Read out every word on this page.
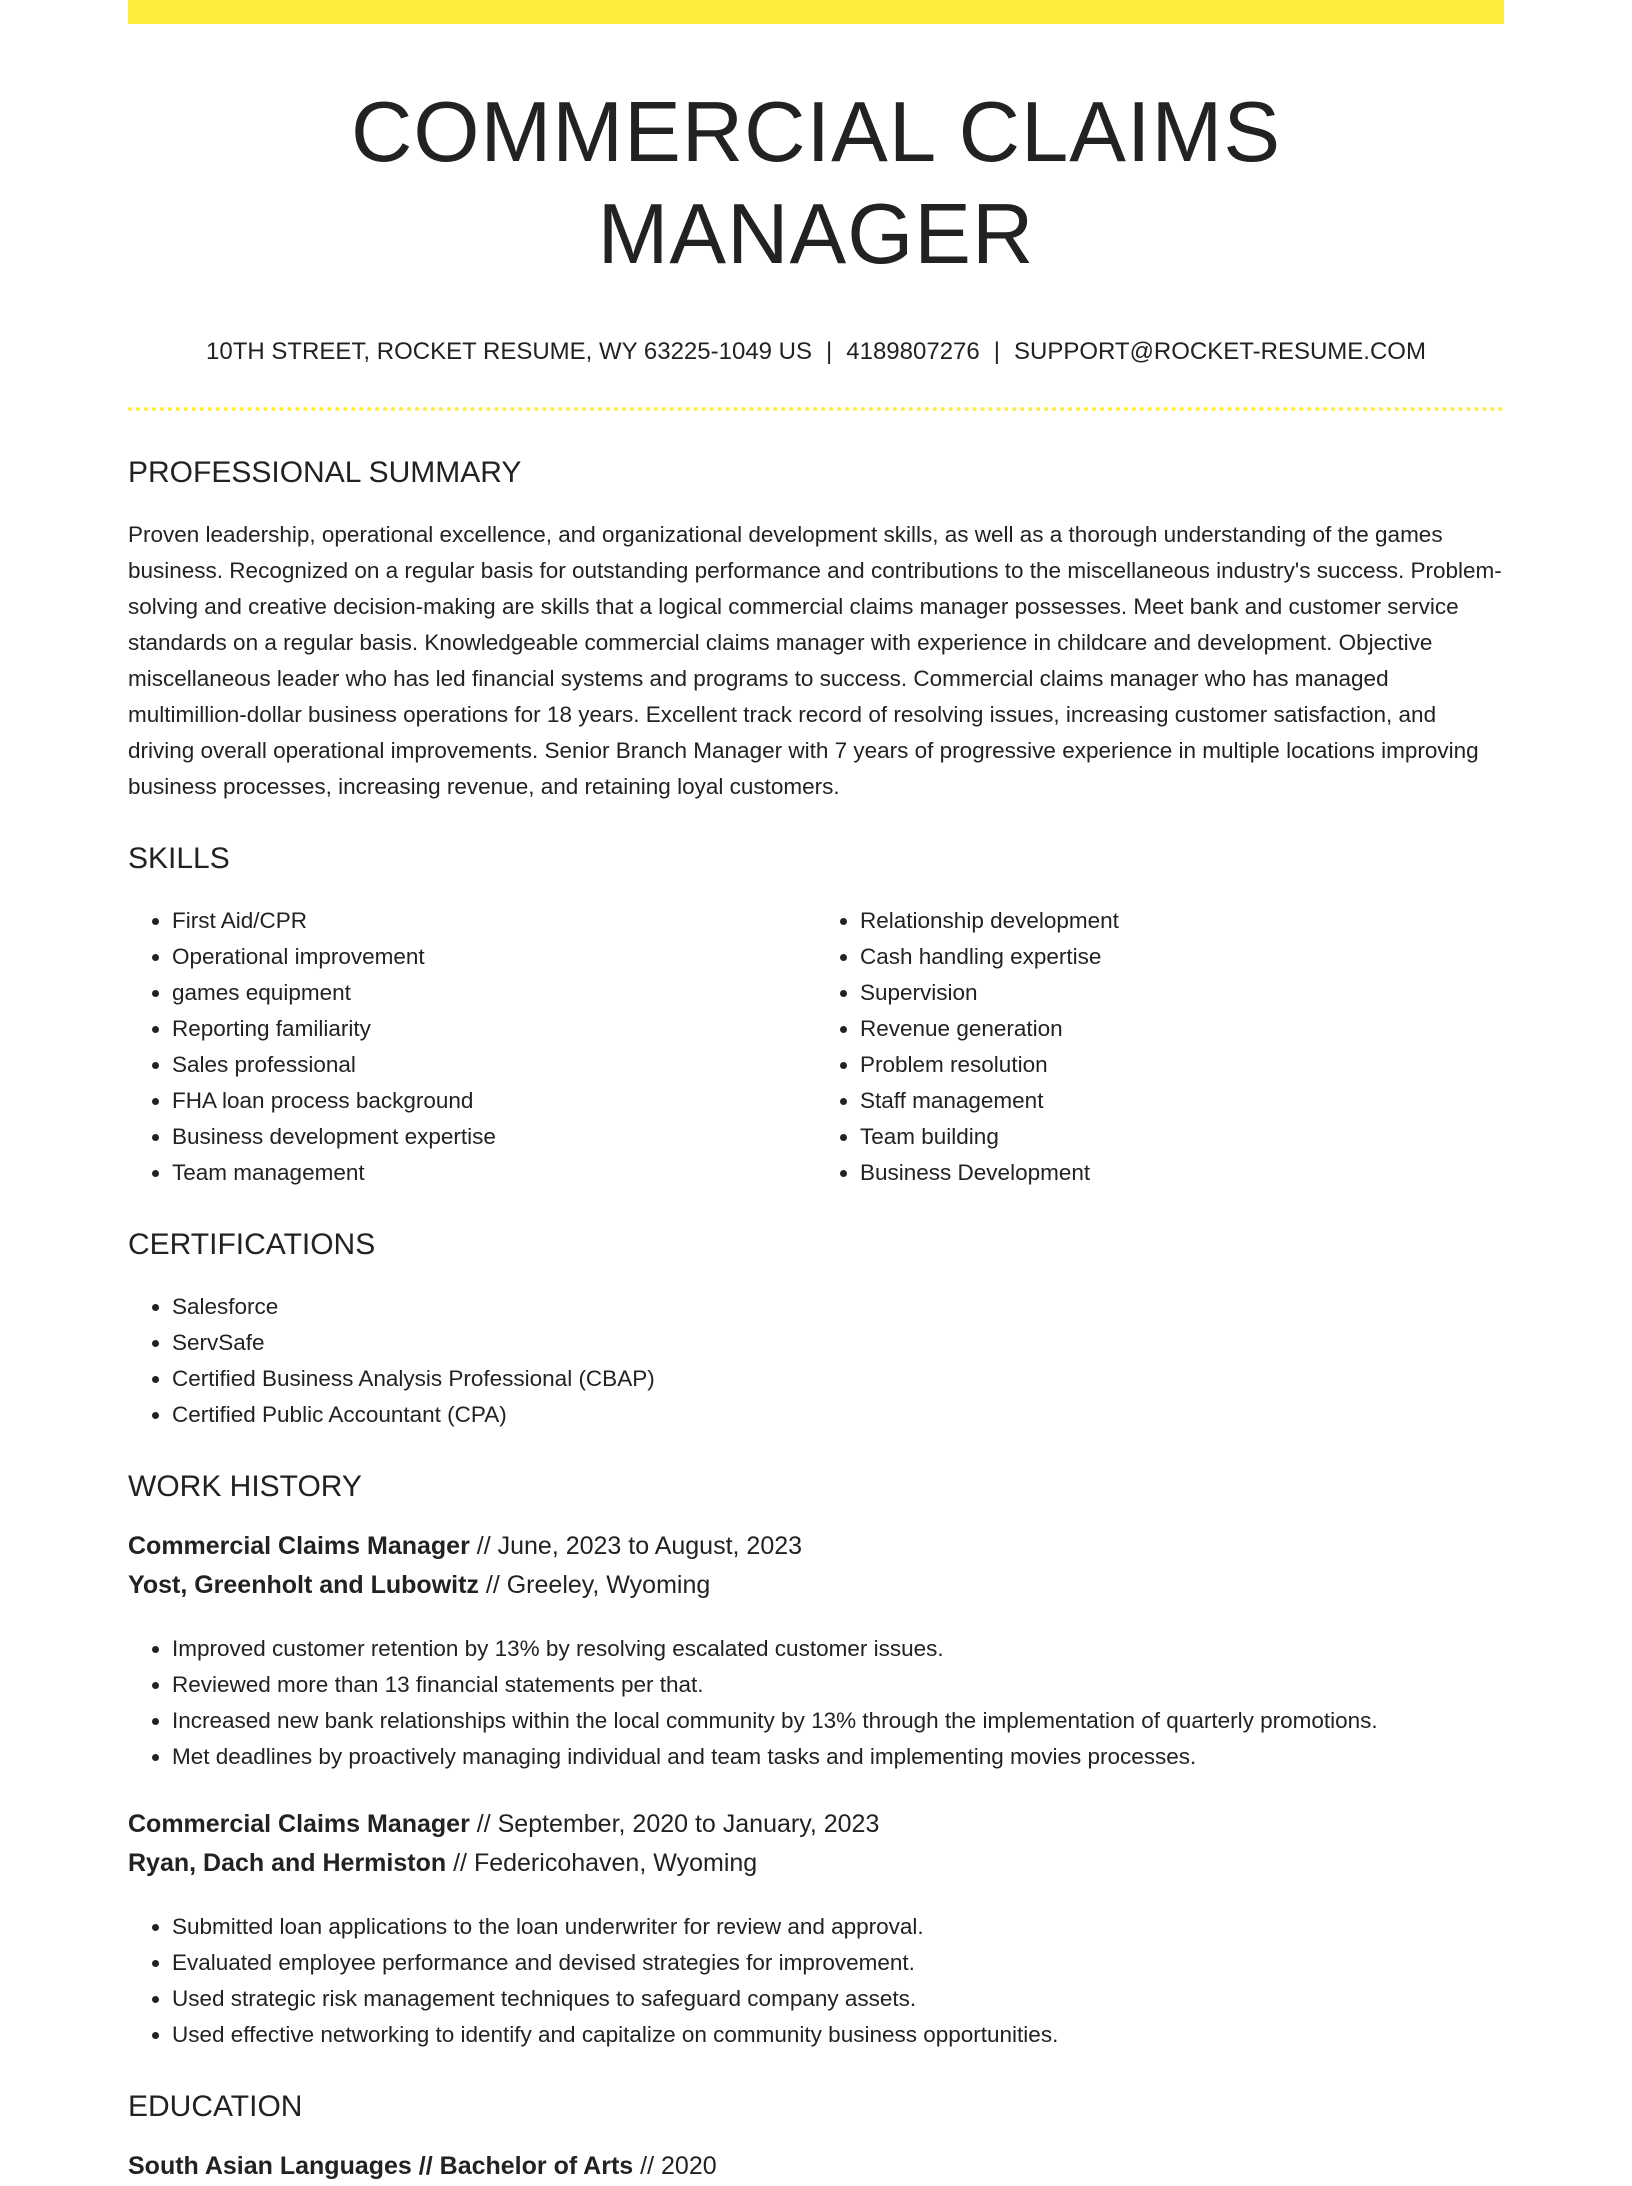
COMMERCIAL CLAIMS MANAGER
10TH STREET, ROCKET RESUME, WY 63225-1049 US | 4189807276 | SUPPORT@ROCKET-RESUME.COM
PROFESSIONAL SUMMARY

Proven leadership, operational excellence, and organizational development skills, as well as a thorough understanding of the games business. Recognized on a regular basis for outstanding performance and contributions to the miscellaneous industry's success. Problem-solving and creative decision-making are skills that a logical commercial claims manager possesses. Meet bank and customer service standards on a regular basis. Knowledgeable commercial claims manager with experience in childcare and development. Objective miscellaneous leader who has led financial systems and programs to success. Commercial claims manager who has managed multimillion-dollar business operations for 18 years. Excellent track record of resolving issues, increasing customer satisfaction, and driving overall operational improvements. Senior Branch Manager with 7 years of progressive experience in multiple locations improving business processes, increasing revenue, and retaining loyal customers.

SKILLS
• First Aid/CPR
• Operational improvement
• games equipment
• Reporting familiarity
• Sales professional
• FHA loan process background
• Business development expertise
• Team management
• Relationship development
• Cash handling expertise
• Supervision
• Revenue generation
• Problem resolution
• Staff management
• Team building
• Business Development
CERTIFICATIONS
• Salesforce
• ServSafe
• Certified Business Analysis Professional (CBAP)
• Certified Public Accountant (CPA)
WORK HISTORY
Commercial Claims Manager // June, 2023 to August, 2023
Yost, Greenholt and Lubowitz // Greeley, Wyoming
• Improved customer retention by 13% by resolving escalated customer issues.
• Reviewed more than 13 financial statements per that.
• Increased new bank relationships within the local community by 13% through the implementation of quarterly promotions.
• Met deadlines by proactively managing individual and team tasks and implementing movies processes.
Commercial Claims Manager // September, 2020 to January, 2023
Ryan, Dach and Hermiston // Federicohaven, Wyoming
• Submitted loan applications to the loan underwriter for review and approval.
• Evaluated employee performance and devised strategies for improvement.
• Used strategic risk management techniques to safeguard company assets.
• Used effective networking to identify and capitalize on community business opportunities.
EDUCATION
South Asian Languages // Bachelor of Arts // 2020
